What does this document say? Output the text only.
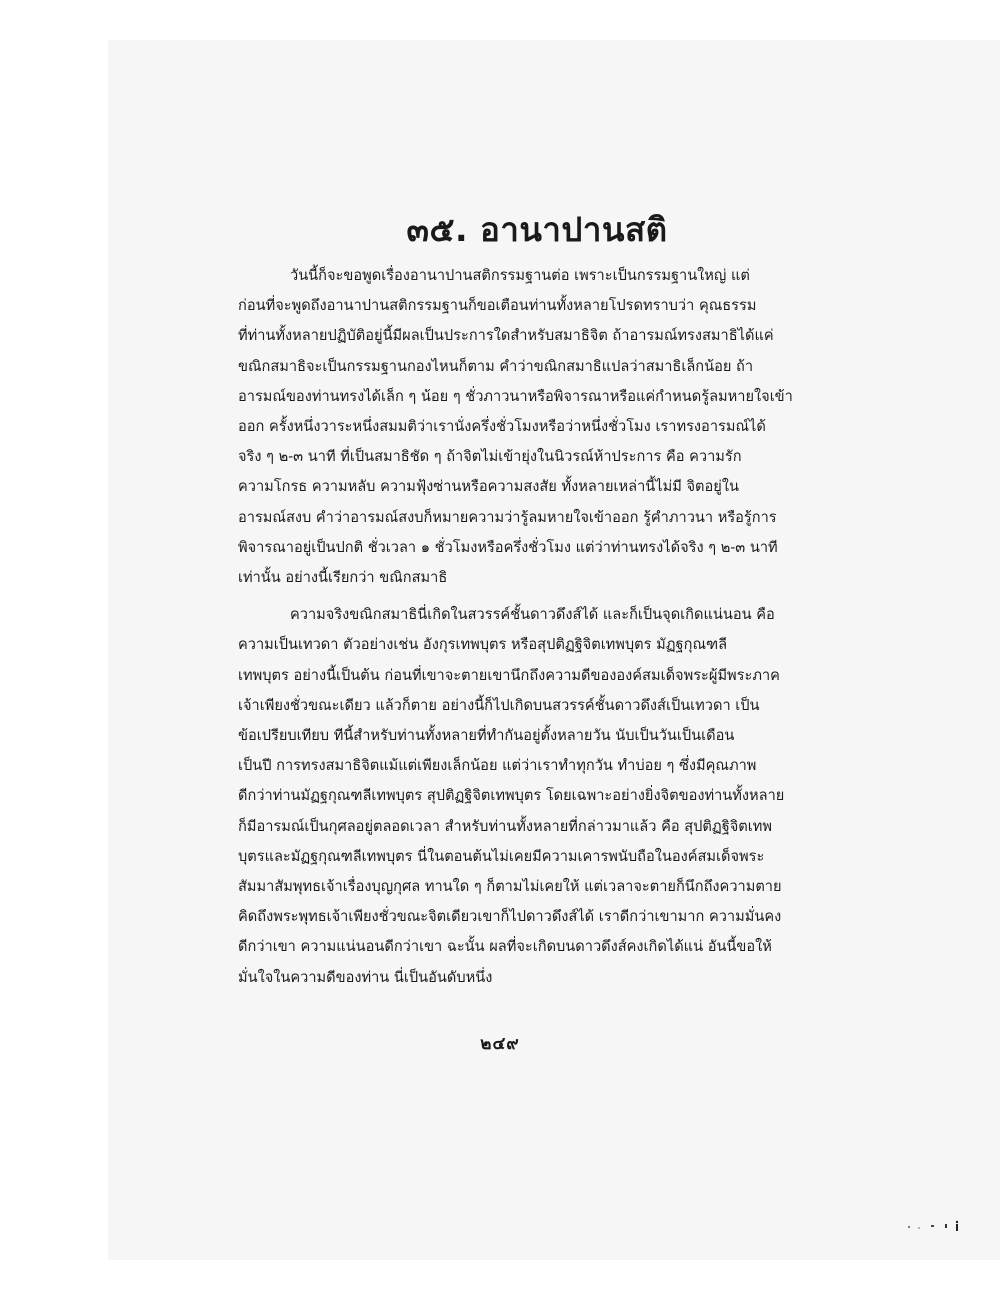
๓๕. อานาปานสติ

วันนี้ก็จะขอพูดเรื่องอานาปานสติกรรมฐานต่อ เพราะเป็นกรรมฐานใหญ่ แต่
ก่อนที่จะพูดถึงอานาปานสติกรรมฐานก็ขอเตือนท่านทั้งหลายโปรดทราบว่า คุณธรรม
ที่ท่านทั้งหลายปฏิบัติอยู่นี้มีผลเป็นประการใดสำหรับสมาธิจิต ถ้าอารมณ์ทรงสมาธิได้แค่
ขณิกสมาธิจะเป็นกรรมฐานกองไหนก็ตาม คำว่าขณิกสมาธิแปลว่าสมาธิเล็กน้อย ถ้า
อารมณ์ของท่านทรงได้เล็ก ๆ น้อย ๆ ชั่วภาวนาหรือพิจารณาหรือแค่กำหนดรู้ลมหายใจเข้า
ออก ครั้งหนึ่งวาระหนึ่งสมมติว่าเรานั่งครึ่งชั่วโมงหรือว่าหนึ่งชั่วโมง เราทรงอารมณ์ได้
จริง ๆ ๒-๓ นาที ที่เป็นสมาธิชัด ๆ ถ้าจิตไม่เข้ายุ่งในนิวรณ์ห้าประการ คือ ความรัก
ความโกรธ ความหลับ ความฟุ้งซ่านหรือความสงสัย ทั้งหลายเหล่านี้ไม่มี จิตอยู่ใน
อารมณ์สงบ คำว่าอารมณ์สงบก็หมายความว่ารู้ลมหายใจเข้าออก รู้คำภาวนา หรือรู้การ
พิจารณาอยู่เป็นปกติ ชั่วเวลา ๑ ชั่วโมงหรือครึ่งชั่วโมง แต่ว่าท่านทรงได้จริง ๆ ๒-๓ นาที
เท่านั้น อย่างนี้เรียกว่า ขณิกสมาธิ

ความจริงขณิกสมาธินี่เกิดในสวรรค์ชั้นดาวดึงส์ได้ และก็เป็นจุดเกิดแน่นอน คือ
ความเป็นเทวดา ตัวอย่างเช่น อังกุรเทพบุตร หรือสุปติฏฐิจิตเทพบุตร มัฏฐกุณฑลี
เทพบุตร อย่างนี้เป็นต้น ก่อนที่เขาจะตายเขานึกถึงความดีขององค์สมเด็จพระผู้มีพระภาค
เจ้าเพียงชั่วขณะเดียว แล้วก็ตาย อย่างนี้ก็ไปเกิดบนสวรรค์ชั้นดาวดึงส์เป็นเทวดา เป็น
ข้อเปรียบเทียบ ทีนี้สำหรับท่านทั้งหลายที่ทำกันอยู่ตั้งหลายวัน นับเป็นวันเป็นเดือน
เป็นปี การทรงสมาธิจิตแม้แต่เพียงเล็กน้อย แต่ว่าเราทำทุกวัน ทำบ่อย ๆ ซึ่งมีคุณภาพ
ดีกว่าท่านมัฏฐกุณฑลีเทพบุตร สุปติฏฐิจิตเทพบุตร โดยเฉพาะอย่างยิ่งจิตของท่านทั้งหลาย
ก็มีอารมณ์เป็นกุศลอยู่ตลอดเวลา สำหรับท่านทั้งหลายที่กล่าวมาแล้ว คือ สุปติฏฐิจิตเทพ
บุตรและมัฏฐกุณฑลีเทพบุตร นี่ในตอนต้นไม่เคยมีความเคารพนับถือในองค์สมเด็จพระ
สัมมาสัมพุทธเจ้าเรื่องบุญกุศล ทานใด ๆ ก็ตามไม่เคยให้ แต่เวลาจะตายก็นึกถึงความตาย
คิดถึงพระพุทธเจ้าเพียงชั่วขณะจิตเดียวเขาก็ไปดาวดึงส์ได้ เราดีกว่าเขามาก ความมั่นคง
ดีกว่าเขา ความแน่นอนดีกว่าเขา ฉะนั้น ผลที่จะเกิดบนดาวดึงส์คงเกิดได้แน่ อันนี้ขอให้
มั่นใจในความดีของท่าน นี่เป็นอันดับหนึ่ง

๒๔๙
